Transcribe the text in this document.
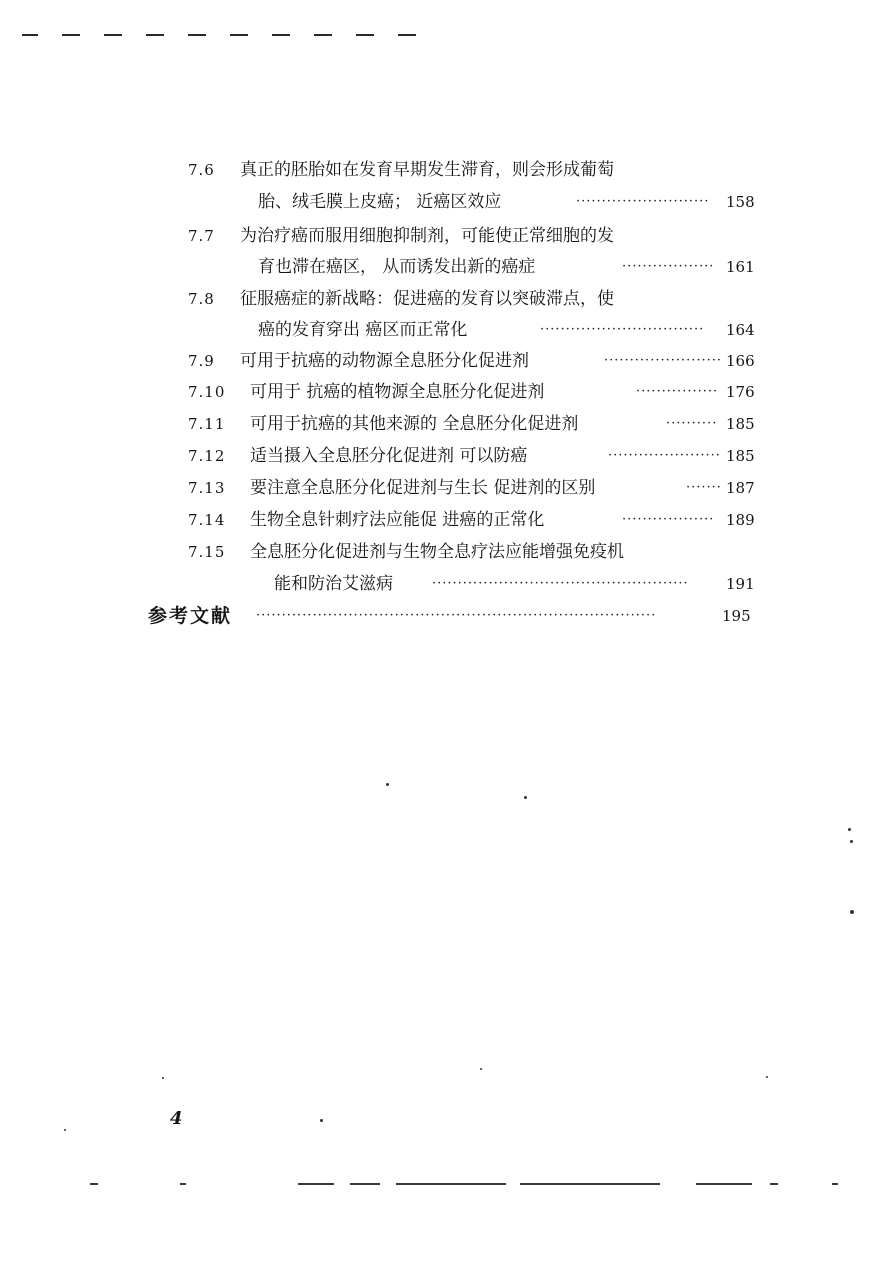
7.6 真正的胚胎如在发育早期发生滞育，则会形成葡萄
胎、绒毛膜上皮癌； 近癌区效应	··························	158
7.7 为治疗癌而服用细胞抑制剂，可能使正常细胞的发
育也滞在癌区， 从而诱发出新的癌症	·················· 161
7.8 征服癌症的新战略：促进癌的发育以突破滞点，使
癌的发育穿出 癌区而正常化	································	164
7.9 可用于抗癌的动物源全息胚分化促进剂	······················· 166
7.10 可用于 抗癌的植物源全息胚分化促进剂	················ 176
7.11 可用于抗癌的其他来源的 全息胚分化促进剂	·········· 185
7.12 适当摄入全息胚分化促进剂 可以防癌	······················ 185
7.13 要注意全息胚分化促进剂与生长 促进剂的区别	······· 187
7.14 生物全息针刺疗法应能促 进癌的正常化	·················· 189
7.15 全息胚分化促进剂与生物全息疗法应能增强免疫机
能和防治艾滋病	··················································	191
参考文献 ··············································································	195
4
